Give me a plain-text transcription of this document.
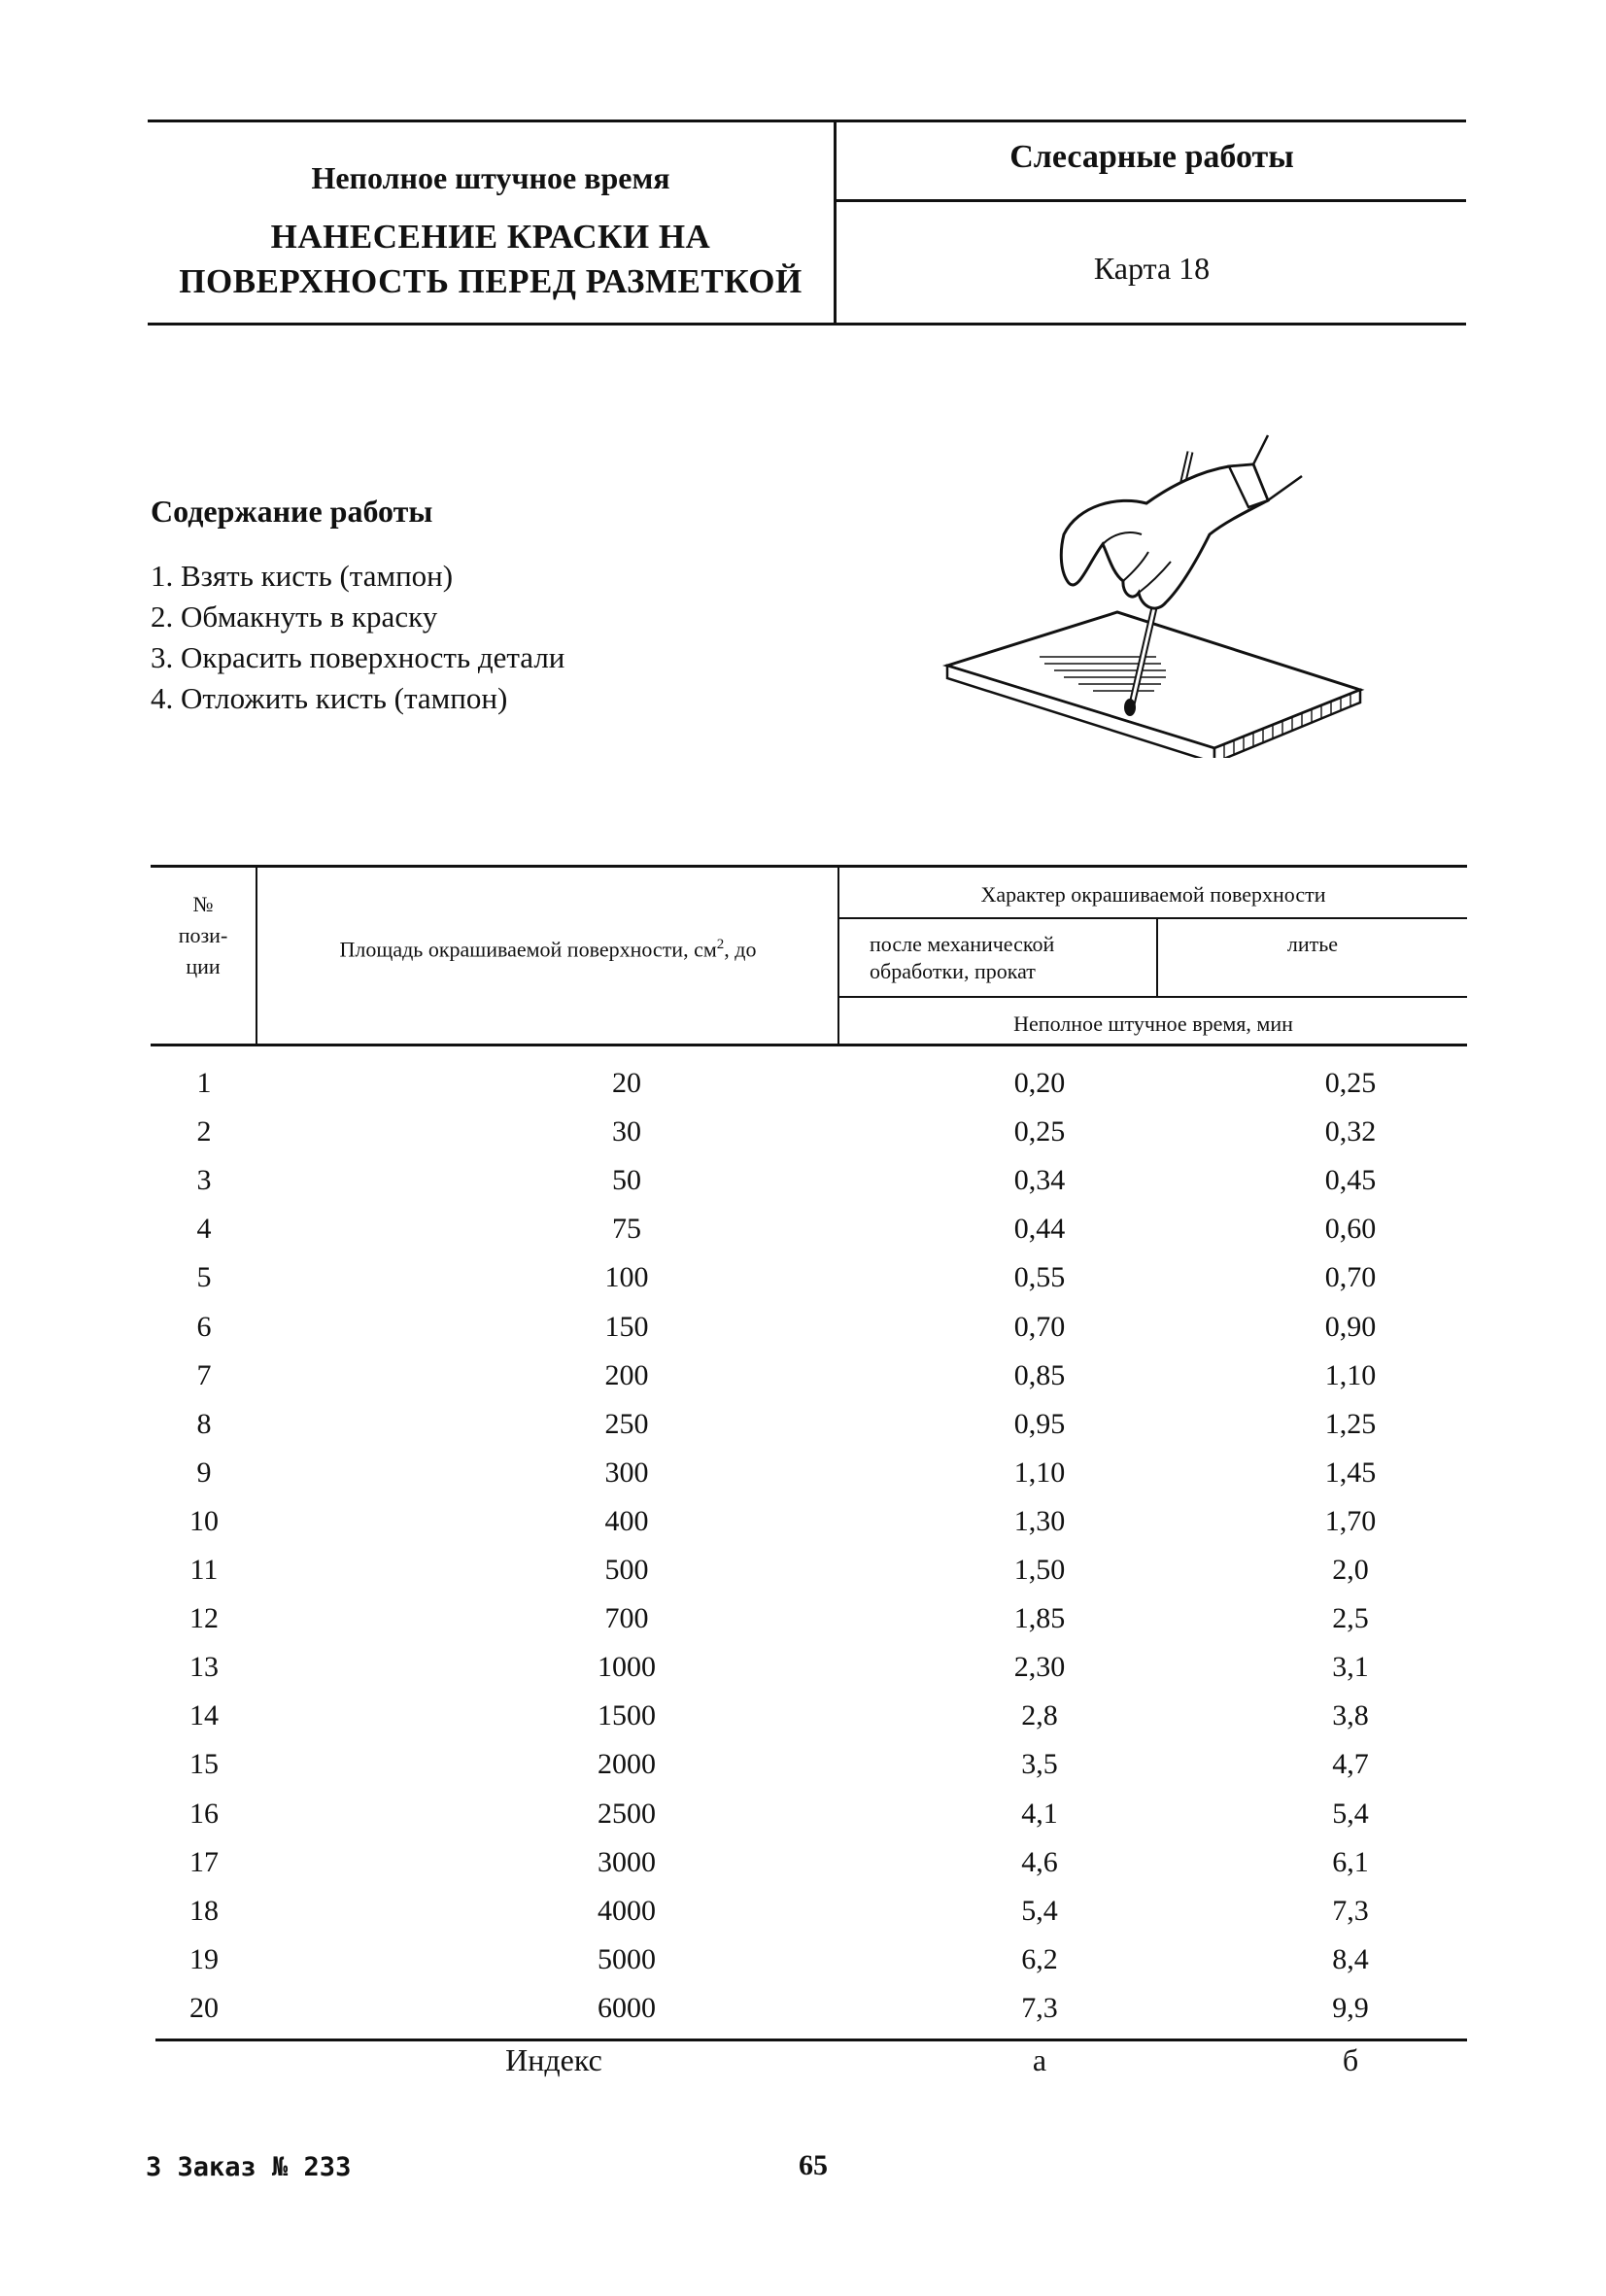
Неполное штучное время
НАНЕСЕНИЕ КРАСКИ НА
ПОВЕРХНОСТЬ ПЕРЕД РАЗМЕТКОЙ
Слесарные работы
Карта 18
Содержание работы
1. Взять кисть (тампон)
2. Обмакнуть в краску
3. Окрасить поверхность детали
4. Отложить кисть (тампон)
№
пози-
ции
Площадь окрашиваемой поверхности, $см^2$, до
Характер окрашиваемой поверхности
после механической
обработки, прокат
литье
Неполное штучное время, мин
1	20	0,20	0,25
2	30	0,25	0,32
3	50	0,34	0,45
4	75	0,44	0,60
5	100	0,55	0,70
6	150	0,70	0,90
7	200	0,85	1,10
8	250	0,95	1,25
9	300	1,10	1,45
10	400	1,30	1,70
11	500	1,50	2,0
12	700	1,85	2,5
13	1000	2,30	3,1
14	1500	2,8	3,8
15	2000	3,5	4,7
16	2500	4,1	5,4
17	3000	4,6	6,1
18	4000	5,4	7,3
19	5000	6,2	8,4
20	6000	7,3	9,9
Индекс	а	б
3 Заказ № 233	65
